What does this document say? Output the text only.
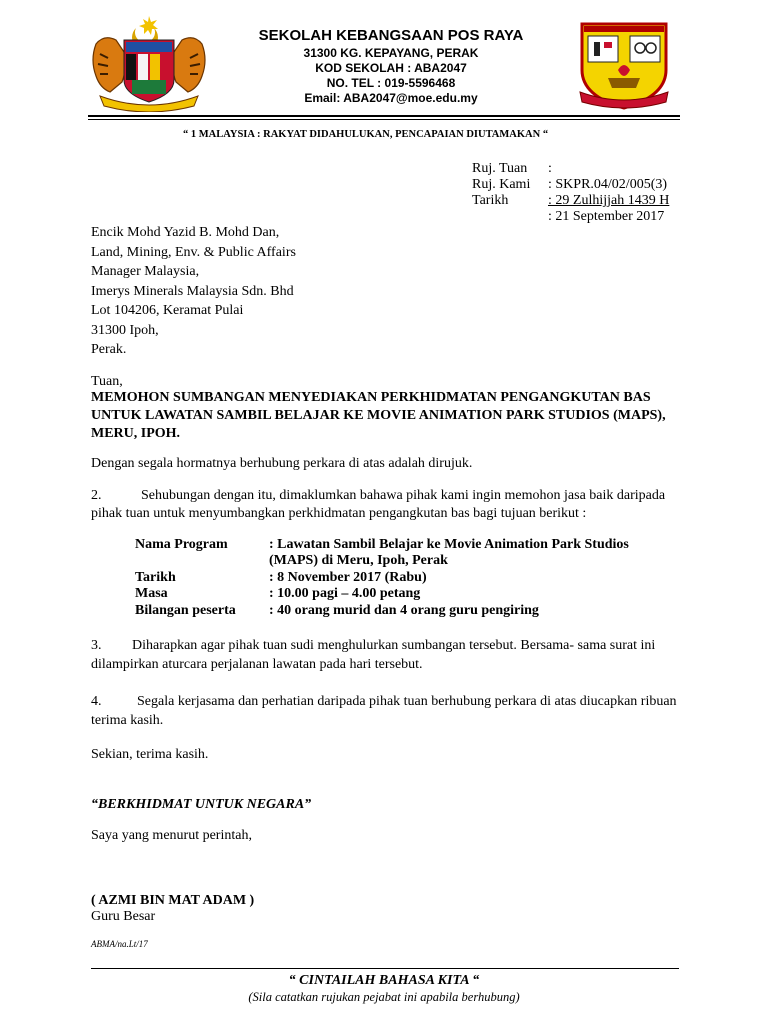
SEKOLAH KEBANGSAAN POS RAYA
31300 KG. KEPAYANG, PERAK
KOD SEKOLAH : ABA2047
NO. TEL : 019-5596468
Email: ABA2047@moe.edu.my
“ 1 MALAYSIA : RAKYAT DIDAHULUKAN, PENCAPAIAN DIUTAMAKAN “
Ruj. Tuan :
Ruj. Kami : SKPR.04/02/005(3)
Tarikh	: 29 Zulhijjah 1439 H
: 21 September 2017
Encik Mohd Yazid B. Mohd Dan,
Land, Mining, Env. & Public Affairs
Manager Malaysia,
Imerys Minerals Malaysia Sdn. Bhd
Lot 104206, Keramat Pulai
31300 Ipoh,
Perak.
Tuan,
MEMOHON SUMBANGAN MENYEDIAKAN PERKHIDMATAN PENGANGKUTAN BAS
UNTUK LAWATAN SAMBIL BELAJAR KE MOVIE ANIMATION PARK STUDIOS (MAPS),
MERU, IPOH.
Dengan segala hormatnya berhubung perkara di atas adalah dirujuk.
2.	Sehubungan dengan itu, dimaklumkan bahawa pihak kami ingin memohon jasa baik daripada
pihak tuan untuk menyumbangkan perkhidmatan pengangkutan bas bagi tujuan berikut :
Nama Program	: Lawatan Sambil Belajar ke Movie Animation Park Studios
(MAPS) di Meru, Ipoh, Perak
Tarikh	: 8 November 2017 (Rabu)
Masa	: 10.00 pagi – 4.00 petang
Bilangan peserta : 40 orang murid dan 4 orang guru pengiring
3. Diharapkan agar pihak tuan sudi menghulurkan sumbangan tersebut. Bersama- sama surat ini
dilampirkan aturcara perjalanan lawatan pada hari tersebut.
4.	Segala kerjasama dan perhatian daripada pihak tuan berhubung perkara di atas diucapkan ribuan
terima kasih.
Sekian, terima kasih.
“BERKHIDMAT UNTUK NEGARA”
Saya yang menurut perintah,
( AZMI BIN MAT ADAM )
Guru Besar
ABMA/na.Lt/17
“ CINTAILAH BAHASA KITA “
(Sila catatkan rujukan pejabat ini apabila berhubung)
